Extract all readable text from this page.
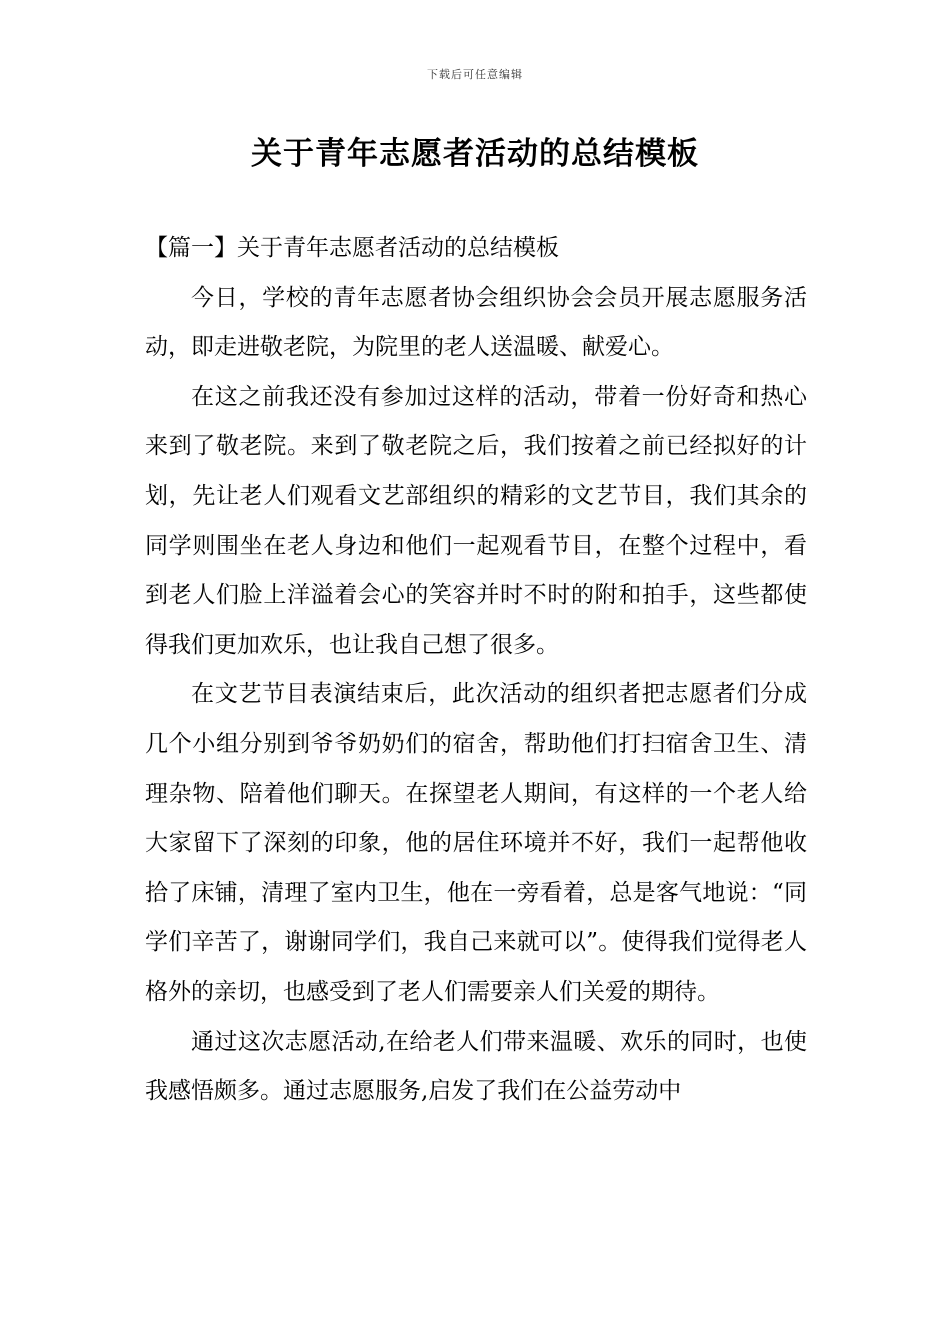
下载后可任意编辑
关于青年志愿者活动的总结模板

【篇一】关于青年志愿者活动的总结模板

今日，学校的青年志愿者协会组织协会会员开展志愿服务活动，即走进敬老院，为院里的老人送温暖、献爱心。

在这之前我还没有参加过这样的活动，带着一份好奇和热心来到了敬老院。来到了敬老院之后，我们按着之前已经拟好的计划，先让老人们观看文艺部组织的精彩的文艺节目，我们其余的同学则围坐在老人身边和他们一起观看节目，在整个过程中，看到老人们脸上洋溢着会心的笑容并时不时的附和拍手，这些都使得我们更加欢乐，也让我自己想了很多。

在文艺节目表演结束后，此次活动的组织者把志愿者们分成几个小组分别到爷爷奶奶们的宿舍，帮助他们打扫宿舍卫生、清理杂物、陪着他们聊天。在探望老人期间，有这样的一个老人给大家留下了深刻的印象，他的居住环境并不好，我们一起帮他收拾了床铺，清理了室内卫生，他在一旁看着，总是客气地说：“同学们辛苦了，谢谢同学们，我自己来就可以”。使得我们觉得老人格外的亲切，也感受到了老人们需要亲人们关爱的期待。

通过这次志愿活动,在给老人们带来温暖、欢乐的同时，也使我感悟颇多。通过志愿服务,启发了我们在公益劳动中
